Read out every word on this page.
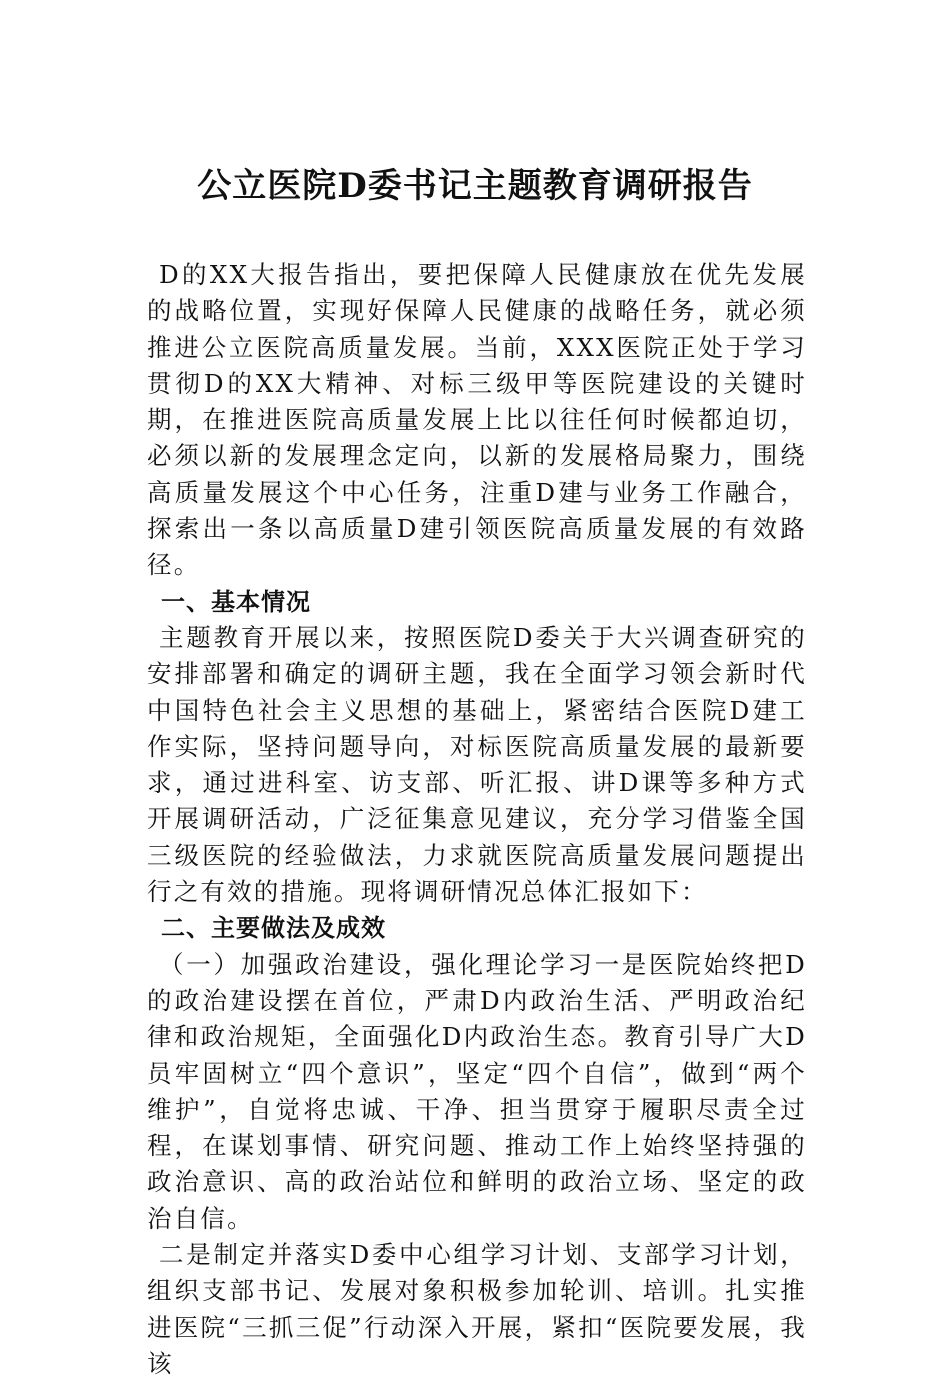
公立医院D委书记主题教育调研报告

D的XX大报告指出，要把保障人民健康放在优先发展的战略位置，实现好保障人民健康的战略任务，就必须推进公立医院高质量发展。当前，XXX医院正处于学习贯彻D的XX大精神、对标三级甲等医院建设的关键时期，在推进医院高质量发展上比以往任何时候都迫切，必须以新的发展理念定向，以新的发展格局聚力，围绕高质量发展这个中心任务，注重D建与业务工作融合，探索出一条以高质量D建引领医院高质量发展的有效路径。

一、基本情况

主题教育开展以来，按照医院D委关于大兴调查研究的安排部署和确定的调研主题，我在全面学习领会新时代中国特色社会主义思想的基础上，紧密结合医院D建工作实际，坚持问题导向，对标医院高质量发展的最新要求，通过进科室、访支部、听汇报、讲D课等多种方式开展调研活动，广泛征集意见建议，充分学习借鉴全国三级医院的经验做法，力求就医院高质量发展问题提出行之有效的措施。现将调研情况总体汇报如下：

二、主要做法及成效

（一）加强政治建设，强化理论学习一是医院始终把D的政治建设摆在首位，严肃D内政治生活、严明政治纪律和政治规矩，全面强化D内政治生态。教育引导广大D员牢固树立“四个意识”，坚定“四个自信”，做到“两个维护”，自觉将忠诚、干净、担当贯穿于履职尽责全过程，在谋划事情、研究问题、推动工作上始终坚持强的政治意识、高的政治站位和鲜明的政治立场、坚定的政治自信。

二是制定并落实D委中心组学习计划、支部学习计划，组织支部书记、发展对象积极参加轮训、培训。扎实推进医院“三抓三促”行动深入开展，紧扣“医院要发展，我该
